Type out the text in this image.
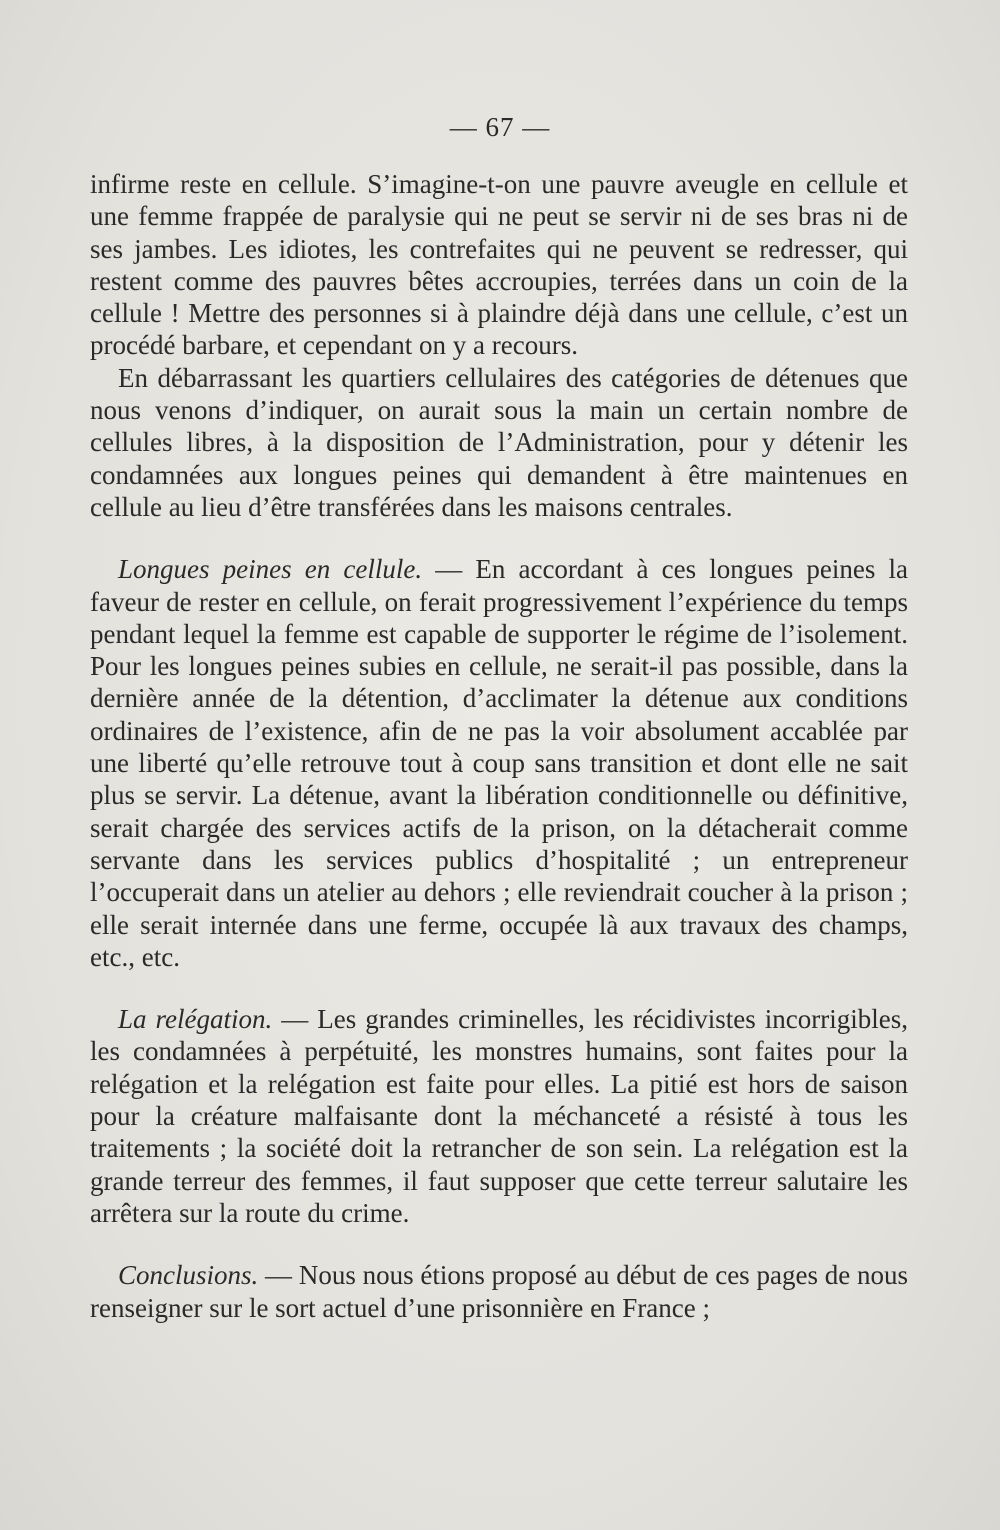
— 67 —

infirme reste en cellule. S’imagine-t-on une pauvre aveugle en cellule et une femme frappée de paralysie qui ne peut se servir ni de ses bras ni de ses jambes. Les idiotes, les contrefaites qui ne peuvent se redresser, qui restent comme des pauvres bêtes accroupies, terrées dans un coin de la cellule ! Mettre des personnes si à plaindre déjà dans une cellule, c’est un procédé barbare, et cependant on y a recours.

En débarrassant les quartiers cellulaires des catégories de détenues que nous venons d’indiquer, on aurait sous la main un certain nombre de cellules libres, à la disposition de l’Administration, pour y détenir les condamnées aux longues peines qui demandent à être maintenues en cellule au lieu d’être transférées dans les maisons centrales.

Longues peines en cellule. — En accordant à ces longues peines la faveur de rester en cellule, on ferait progressivement l’expérience du temps pendant lequel la femme est capable de supporter le régime de l’isolement. Pour les longues peines subies en cellule, ne serait-il pas possible, dans la dernière année de la détention, d’acclimater la détenue aux conditions ordinaires de l’existence, afin de ne pas la voir absolument accablée par une liberté qu’elle retrouve tout à coup sans transition et dont elle ne sait plus se servir. La détenue, avant la libération conditionnelle ou définitive, serait chargée des services actifs de la prison, on la détacherait comme servante dans les services publics d’hospitalité ; un entrepreneur l’occuperait dans un atelier au dehors ; elle reviendrait coucher à la prison ; elle serait internée dans une ferme, occupée là aux travaux des champs, etc., etc.

La relégation. — Les grandes criminelles, les récidivistes incorrigibles, les condamnées à perpétuité, les monstres humains, sont faites pour la relégation et la relégation est faite pour elles. La pitié est hors de saison pour la créature malfaisante dont la méchanceté a résisté à tous les traitements ; la société doit la retrancher de son sein. La relégation est la grande terreur des femmes, il faut supposer que cette terreur salutaire les arrêtera sur la route du crime.

Conclusions. — Nous nous étions proposé au début de ces pages de nous renseigner sur le sort actuel d’une prisonnière en France ;
